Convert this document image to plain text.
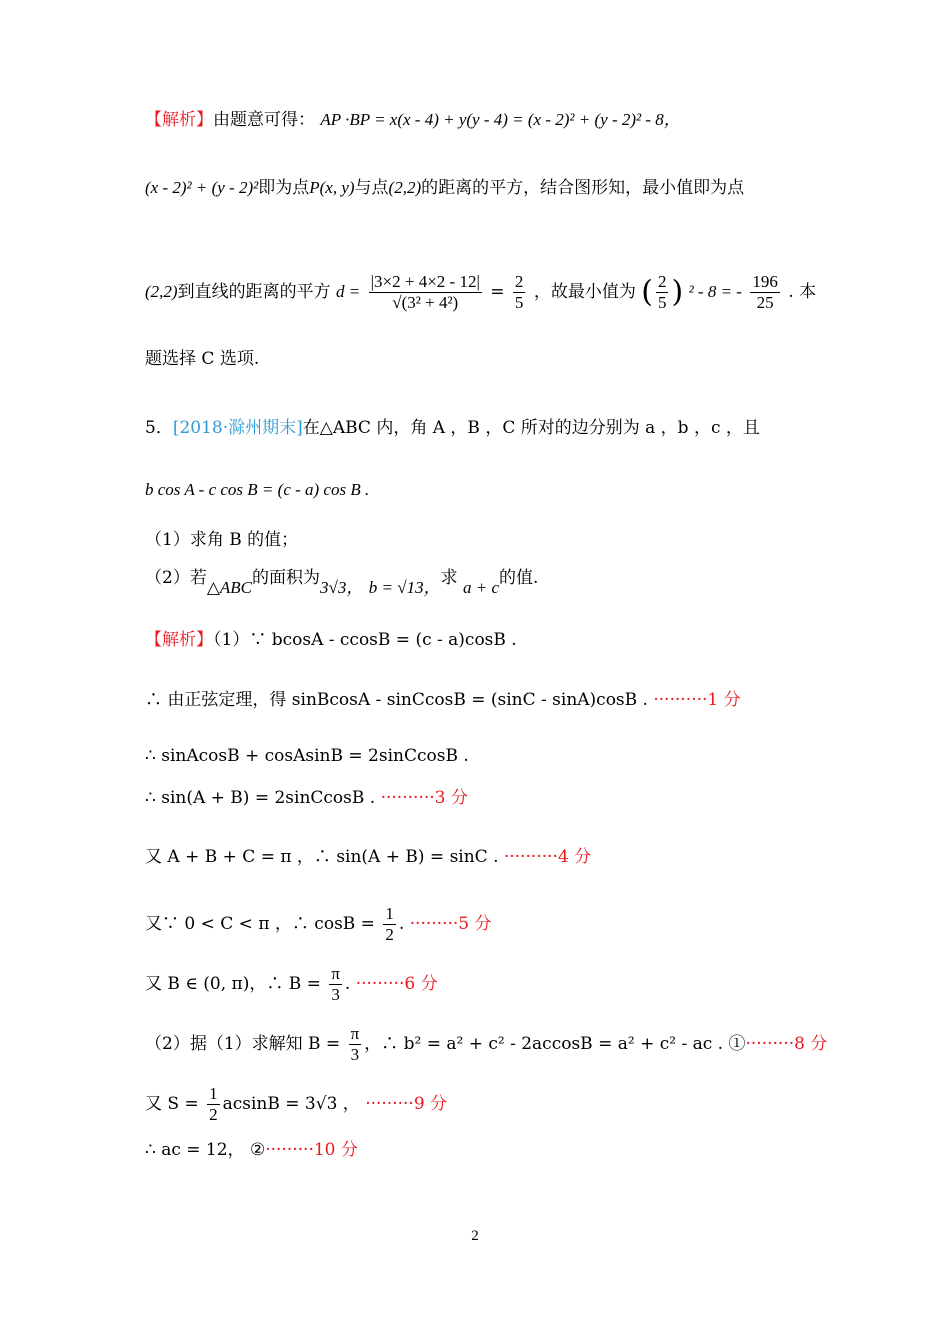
【解析】由题意可得： AP ·BP = x(x - 4) + y(y - 4) = (x - 2)² + (y - 2)² - 8，
(x - 2)² + (y - 2)²即为点P(x, y)与点(2,2)的距离的平方，结合图形知，最小值即为点
(2,2)到直线的距离的平方 $d = \frac{|3\times 2 + 4\times 2 - 12|}{\text{√(3² + 4²)}} = \frac{2}{5}$ ，故最小值为 ( $\frac{2}{5}$ ) ² - 8 = - $\frac{196}{25}$ . 本
题选择 C 选项.
5．[2018·滁州期末]在△ABC 内，角 A ，B ，C 所对的边分别为 a ，b ，c ，且
b cos A - c cos B = (c - a) cos B .
（1）求角 B 的值；
（2）若△ABC的面积为3√3， b = √13，求 a + c的值.
【解析】（1）∵ bcosA - ccosB = (c - a)cosB .
∴ 由正弦定理，得 sinBcosA - sinCcosB = (sinC - sinA)cosB . ··········1 分
∴ sinAcosB + cosAsinB = 2sinCcosB .
∴ sin(A + B) = 2sinCcosB . ··········3 分
又 A + B + C = π ，∴ sin(A + B) = sinC . ··········4 分
又∵ 0 < C < π ，∴ $\cos B = \frac{1}{2}$ . ·········5 分
又 B ∈ (0, π)，∴ $B = \frac{\pi}{3}$ . ·········6 分
（2）据（1）求解知 $B = \frac{\pi}{3}$ ，∴ b² = a² + c² - 2accosB = a² + c² - ac . ①·········8 分
又 $S = \frac{1}{2}$ acsinB = 3√3 ， ·········9 分
∴ ac = 12， ②·········10 分
2
